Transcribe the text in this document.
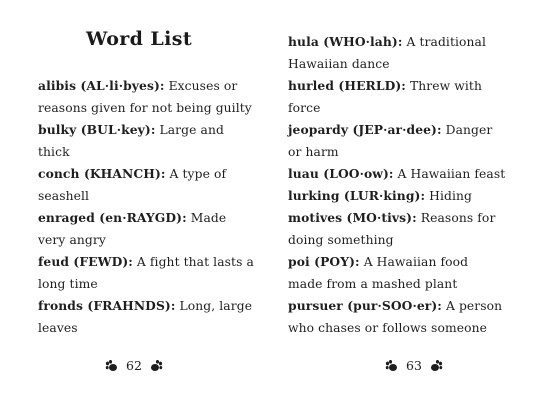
Word List
alibis (AL·li·byes): Excuses or
reasons given for not being guilty
bulky (BUL·key): Large and
thick
conch (KHANCH): A type of
seashell
enraged (en·RAYGD): Made
very angry
feud (FEWD): A fight that lasts a
long time
fronds (FRAHNDS): Long, large
leaves
62
hula (WHO·lah): A traditional
Hawaiian dance
hurled (HERLD): Threw with
force
jeopardy (JEP·ar·dee): Danger
or harm
luau (LOO·ow): A Hawaiian feast
lurking (LUR·king): Hiding
motives (MO·tivs): Reasons for
doing something
poi (POY): A Hawaiian food
made from a mashed plant
pursuer (pur·SOO·er): A person
who chases or follows someone
63
